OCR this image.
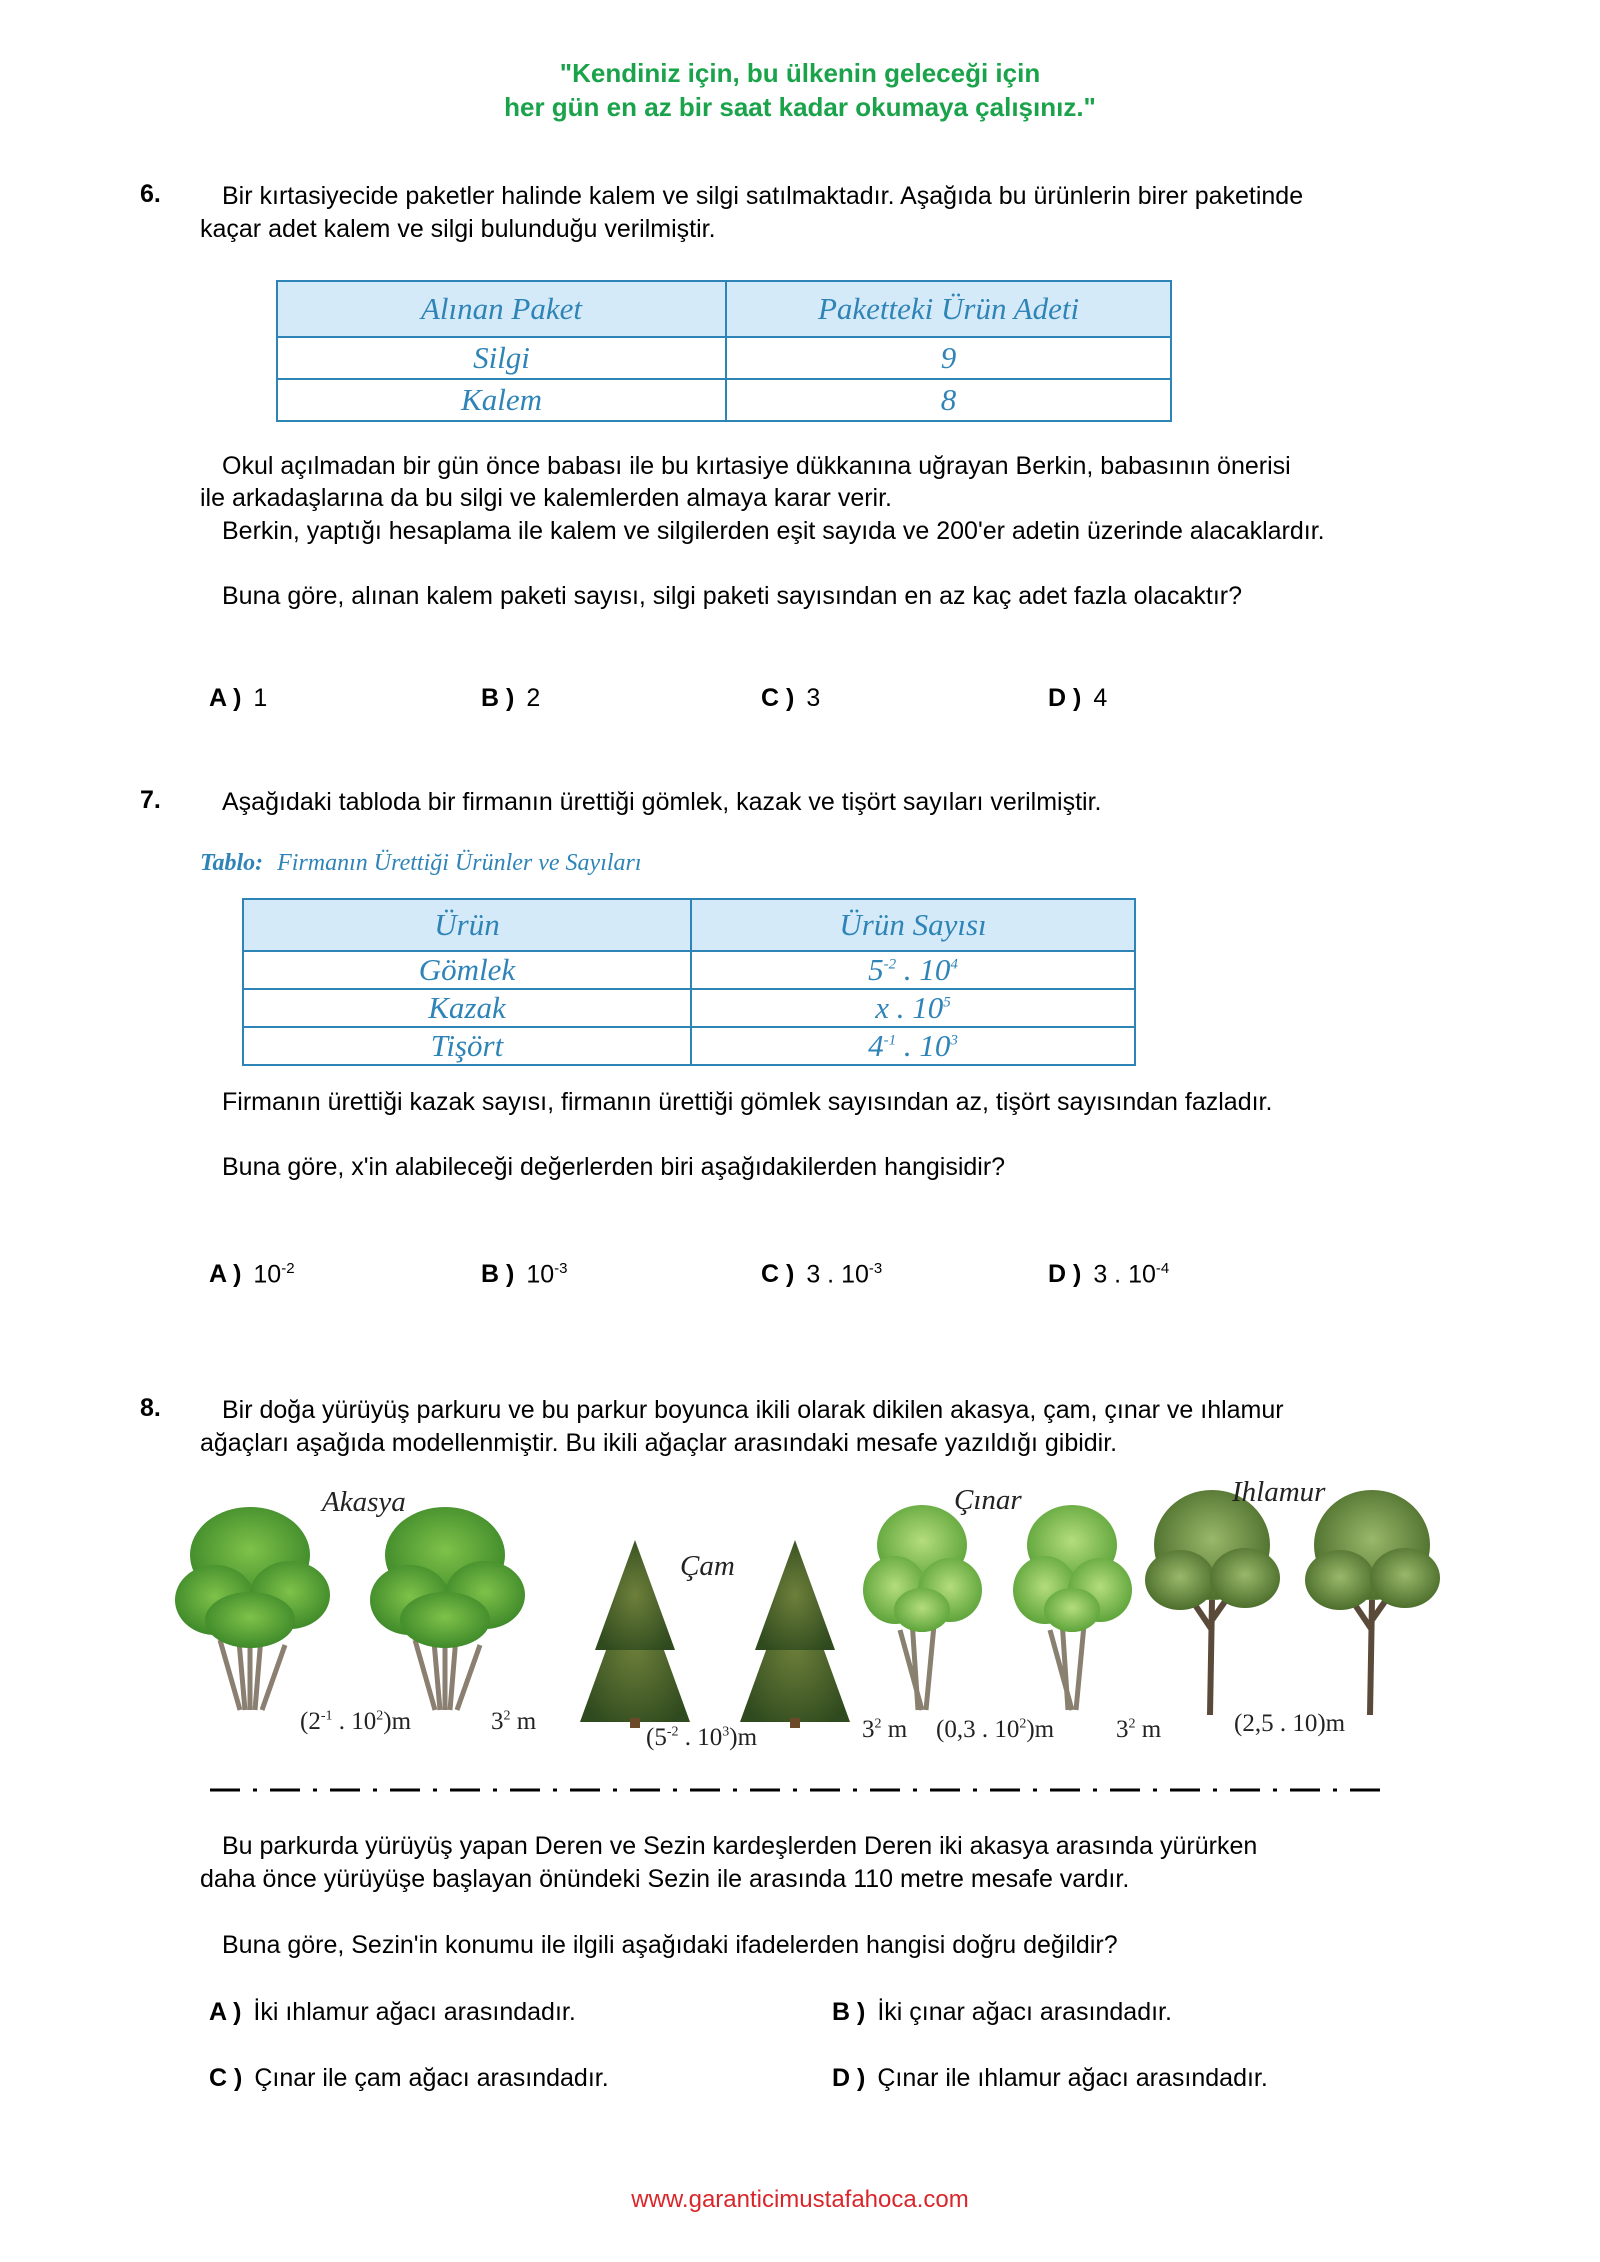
"Kendiniz için, bu ülkenin geleceği için
her gün en az bir saat kadar okumaya çalışınız."
6. Bir kırtasiyecide paketler halinde kalem ve silgi satılmaktadır. Aşağıda bu ürünlerin birer paketinde
kaçar adet kalem ve silgi bulunduğu verilmiştir.
Alınan Paket	Paketteki Ürün Adeti
Silgi	9
Kalem	8
Okul açılmadan bir gün önce babası ile bu kırtasiye dükkanına uğrayan Berkin, babasının önerisi
ile arkadaşlarına da bu silgi ve kalemlerden almaya karar verir.
Berkin, yaptığı hesaplama ile kalem ve silgilerden eşit sayıda ve 200'er adetin üzerinde alacaklardır.
Buna göre, alınan kalem paketi sayısı, silgi paketi sayısından en az kaç adet fazla olacaktır?
A ) 1	B ) 2	C ) 3	D ) 4
7. Aşağıdaki tabloda bir firmanın ürettiği gömlek, kazak ve tişört sayıları verilmiştir.
Tablo: Firmanın Ürettiği Ürünler ve Sayıları
Ürün	Ürün Sayısı
Gömlek	$5^{-2}$ . $10^4$
Kazak	x . $10^5$
Tişört	$4^{-1}$ . $10^3$
Firmanın ürettiği kazak sayısı, firmanın ürettiği gömlek sayısından az, tişört sayısından fazladır.
Buna göre, x'in alabileceği değerlerden biri aşağıdakilerden hangisidir?
A ) $10^{-2}$	B ) $10^{-3}$	C ) 3 . $10^{-3}$	D ) 3 . $10^{-4}$
8. Bir doğa yürüyüş parkuru ve bu parkur boyunca ikili olarak dikilen akasya, çam, çınar ve ıhlamur
ağaçları aşağıda modellenmiştir. Bu ikili ağaçlar arasındaki mesafe yazıldığı gibidir.
Akasya
Çam
Çınar	Ihlamur
($2^{-1}$ . $10^2)m$	$3^2$ m
($5^{-2}$ . $10^3)m$	$3^2$ m (0,3 . $10^2)m$ $3^2$ m	(2,5 . 10)m
Bu parkurda yürüyüş yapan Deren ve Sezin kardeşlerden Deren iki akasya arasında yürürken
daha önce yürüyüşe başlayan önündeki Sezin ile arasında 110 metre mesafe vardır.
Buna göre, Sezin'in konumu ile ilgili aşağıdaki ifadelerden hangisi doğru değildir?
A ) İki ıhlamur ağacı arasındadır.	B ) İki çınar ağacı arasındadır.
C ) Çınar ile çam ağacı arasındadır.	D ) Çınar ile ıhlamur ağacı arasındadır.
www.garanticimustafahoca.com
